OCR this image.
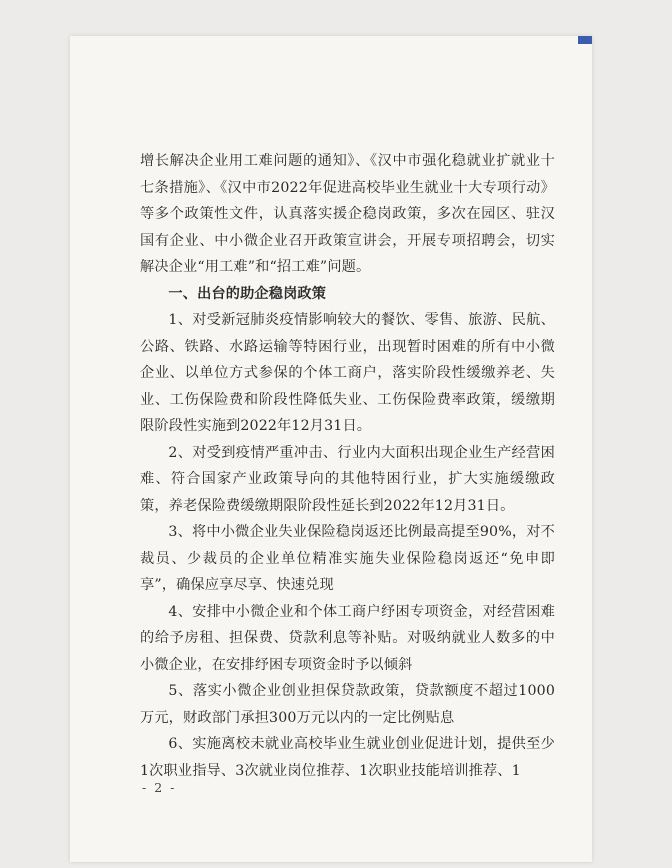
增长解决企业用工难问题的通知》、《汉中市强化稳就业扩就业十七条措施》、《汉中市2022年促进高校毕业生就业十大专项行动》等多个政策性文件，认真落实援企稳岗政策，多次在园区、驻汉国有企业、中小微企业召开政策宣讲会，开展专项招聘会，切实解决企业“用工难”和“招工难”问题。

一、出台的助企稳岗政策

1、对受新冠肺炎疫情影响较大的餐饮、零售、旅游、民航、公路、铁路、水路运输等特困行业，出现暂时困难的所有中小微企业、以单位方式参保的个体工商户，落实阶段性缓缴养老、失业、工伤保险费和阶段性降低失业、工伤保险费率政策，缓缴期限阶段性实施到2022年12月31日。

2、对受到疫情严重冲击、行业内大面积出现企业生产经营困难、符合国家产业政策导向的其他特困行业，扩大实施缓缴政策，养老保险费缓缴期限阶段性延长到2022年12月31日。

3、将中小微企业失业保险稳岗返还比例最高提至90%，对不裁员、少裁员的企业单位精准实施失业保险稳岗返还“免申即享”，确保应享尽享、快速兑现

4、安排中小微企业和个体工商户纾困专项资金，对经营困难的给予房租、担保费、贷款利息等补贴。对吸纳就业人数多的中小微企业，在安排纾困专项资金时予以倾斜

5、落实小微企业创业担保贷款政策，贷款额度不超过1000万元，财政部门承担300万元以内的一定比例贴息

6、实施离校未就业高校毕业生就业创业促进计划，提供至少1次职业指导、3次就业岗位推荐、1次职业技能培训推荐、1

- 2 -
